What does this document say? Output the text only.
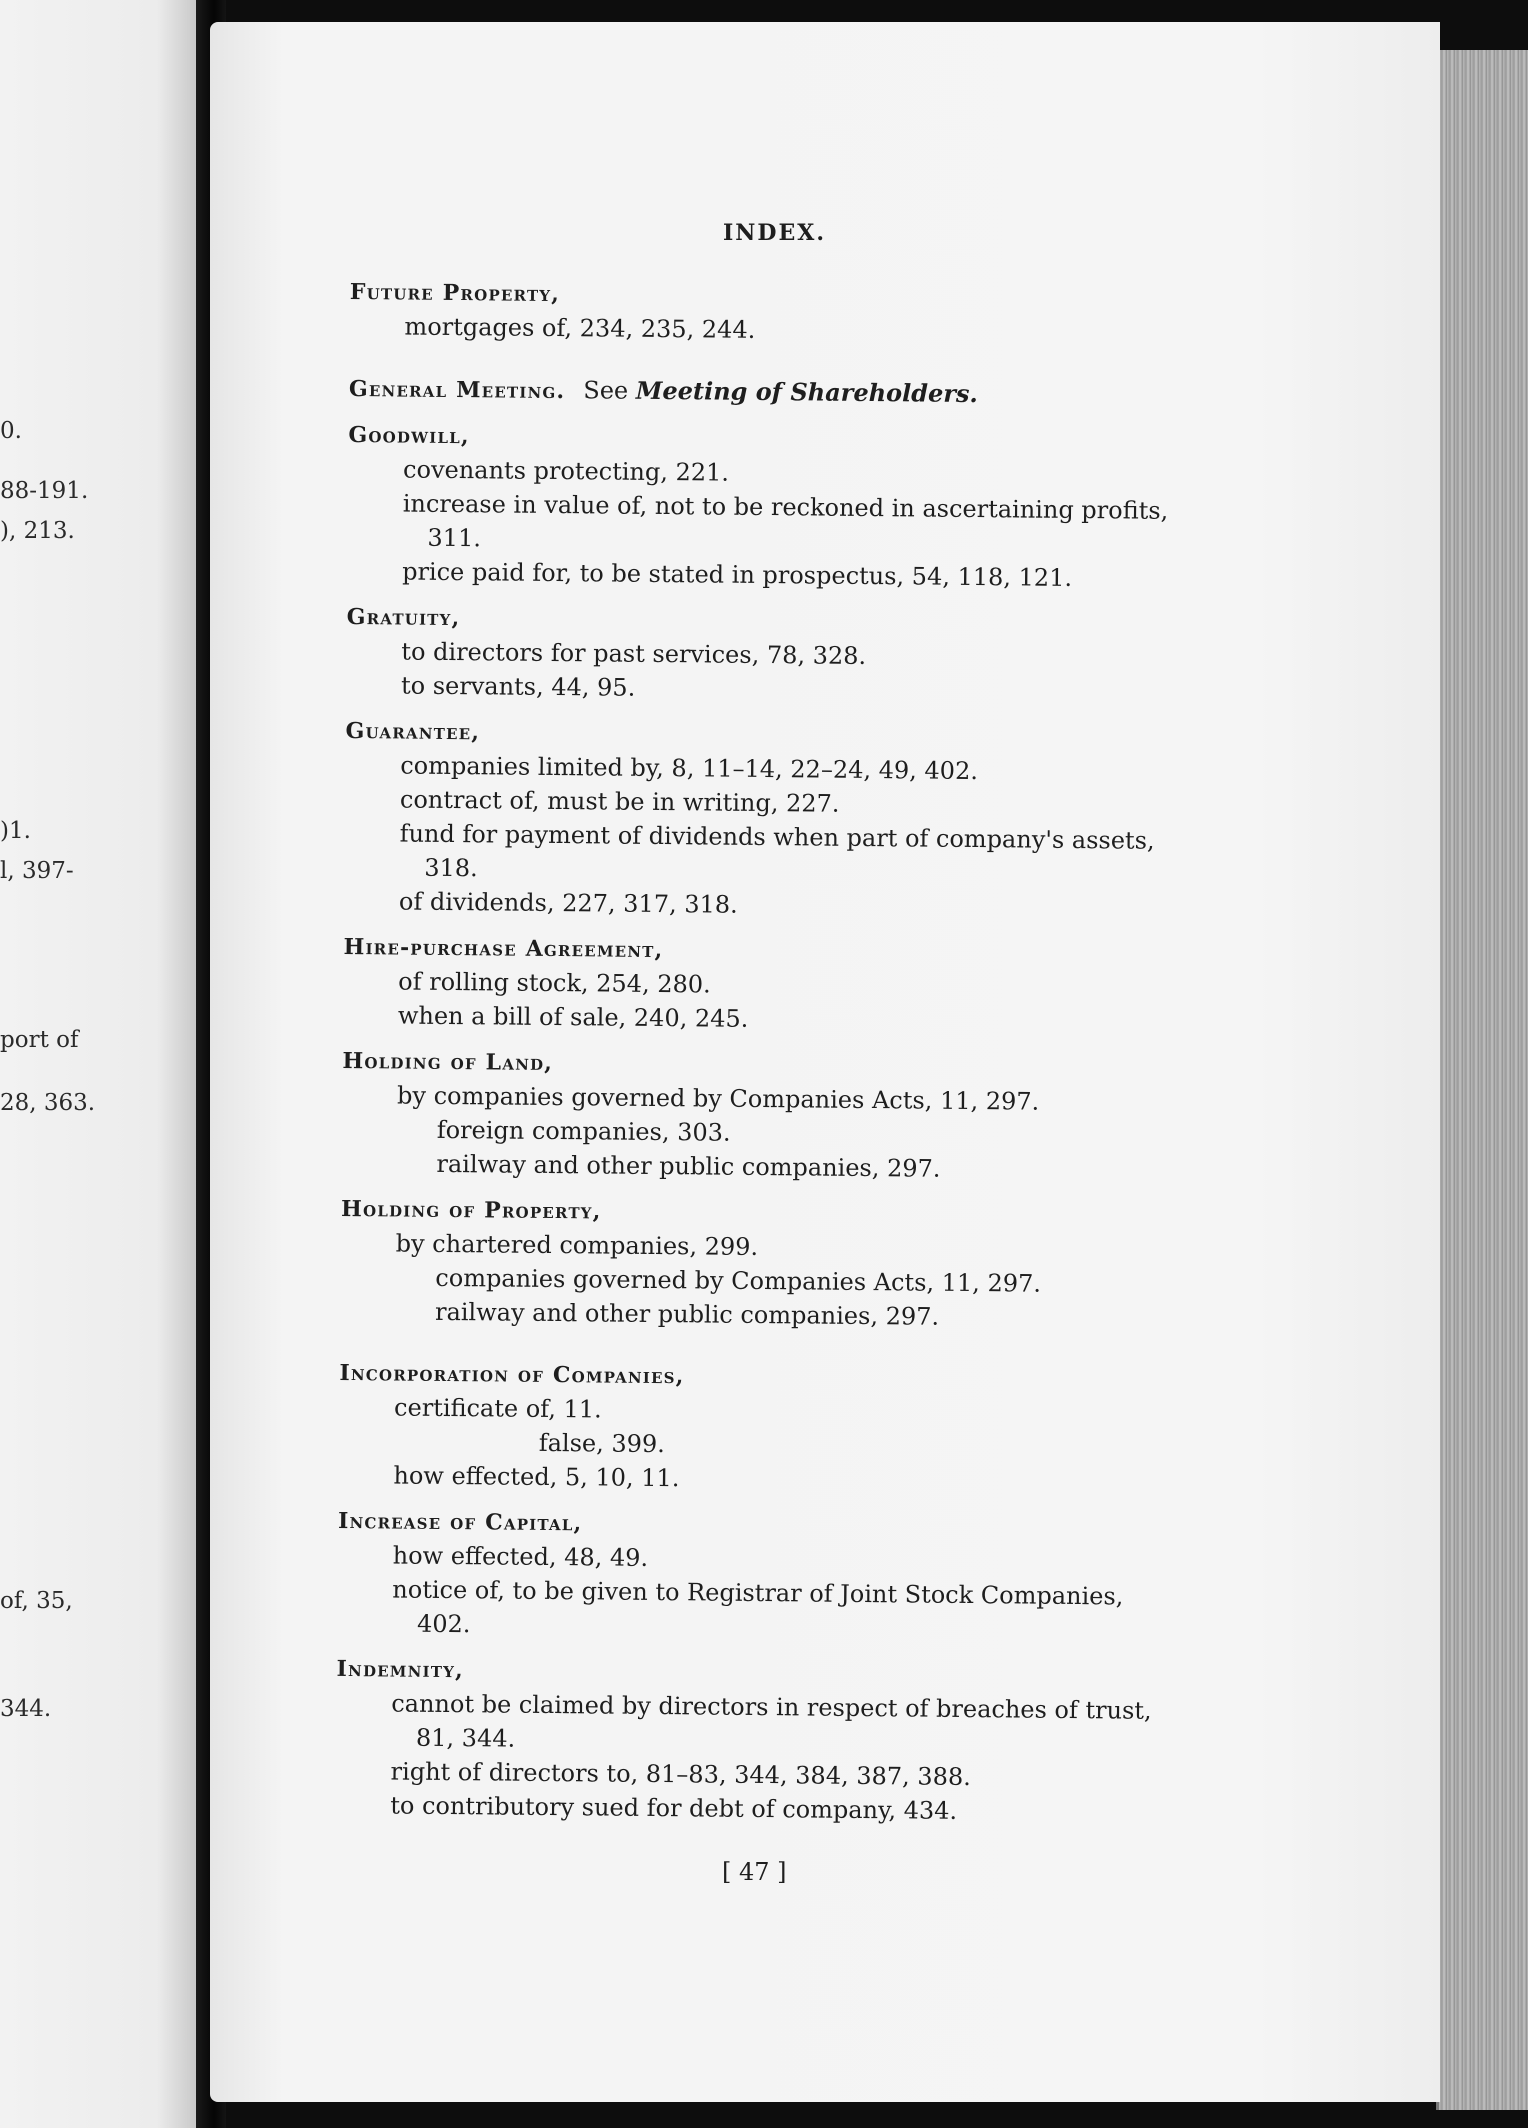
0.
88-191.
), 213.
)1.
l, 397-
port of
28, 363.
of, 35,
344.
INDEX.
Future Property,
mortgages of, 234, 235, 244.
General Meeting. See Meeting of Shareholders.
Goodwill,
covenants protecting, 221.
increase in value of, not to be reckoned in ascertaining profits,
311.
price paid for, to be stated in prospectus, 54, 118, 121.
Gratuity,
to directors for past services, 78, 328.
to servants, 44, 95.
Guarantee,
companies limited by, 8, 11–14, 22–24, 49, 402.
contract of, must be in writing, 227.
fund for payment of dividends when part of company's assets,
318.
of dividends, 227, 317, 318.
Hire-purchase Agreement,
of rolling stock, 254, 280.
when a bill of sale, 240, 245.
Holding of Land,
by companies governed by Companies Acts, 11, 297.
foreign companies, 303.
railway and other public companies, 297.
Holding of Property,
by chartered companies, 299.
companies governed by Companies Acts, 11, 297.
railway and other public companies, 297.
Incorporation of Companies,
certificate of, 11.
false, 399.
how effected, 5, 10, 11.
Increase of Capital,
how effected, 48, 49.
notice of, to be given to Registrar of Joint Stock Companies,
402.
Indemnity,
cannot be claimed by directors in respect of breaches of trust,
81, 344.
right of directors to, 81–83, 344, 384, 387, 388.
to contributory sued for debt of company, 434.
[ 47 ]
